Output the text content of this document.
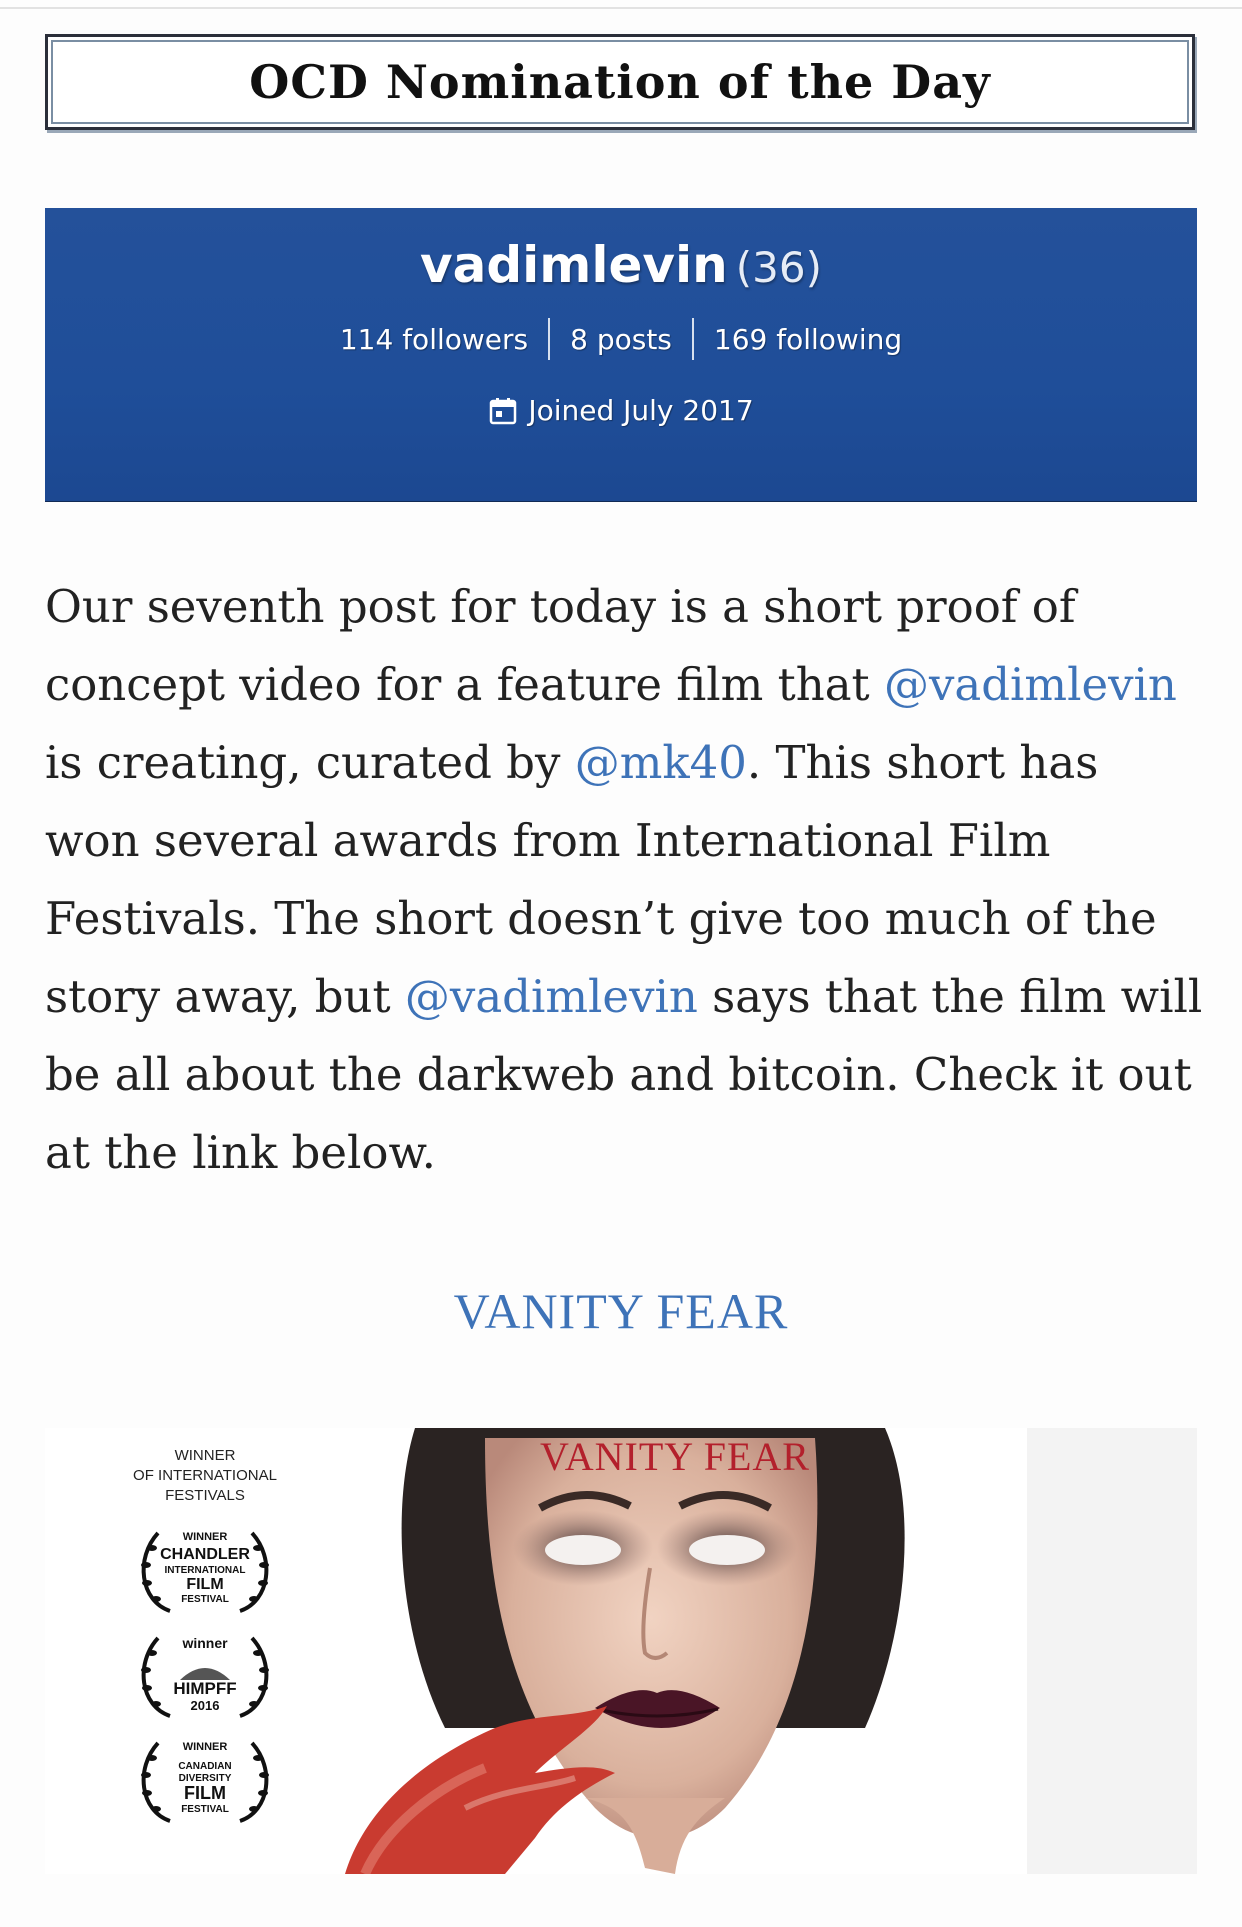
OCD Nomination of the Day
vadimlevin (36)
114 followers	8 posts	169 following
Joined July 2017
Our seventh post for today is a short proof of concept video for a feature film that @vadimlevin is creating, curated by @mk40. This short has won several awards from International Film Festivals. The short doesn’t give too much of the story away, but @vadimlevin says that the film will be all about the darkweb and bitcoin. Check it out at the link below.
VANITY FEAR
WINNER
OF INTERNATIONAL
FESTIVALS
WINNER
CHANDLER
INTERNATIONAL
FILM
FESTIVAL
winner
HIMPFF
2016
WINNER
CANADIAN
DIVERSITY
FILM
FESTIVAL
VANITY FEAR
